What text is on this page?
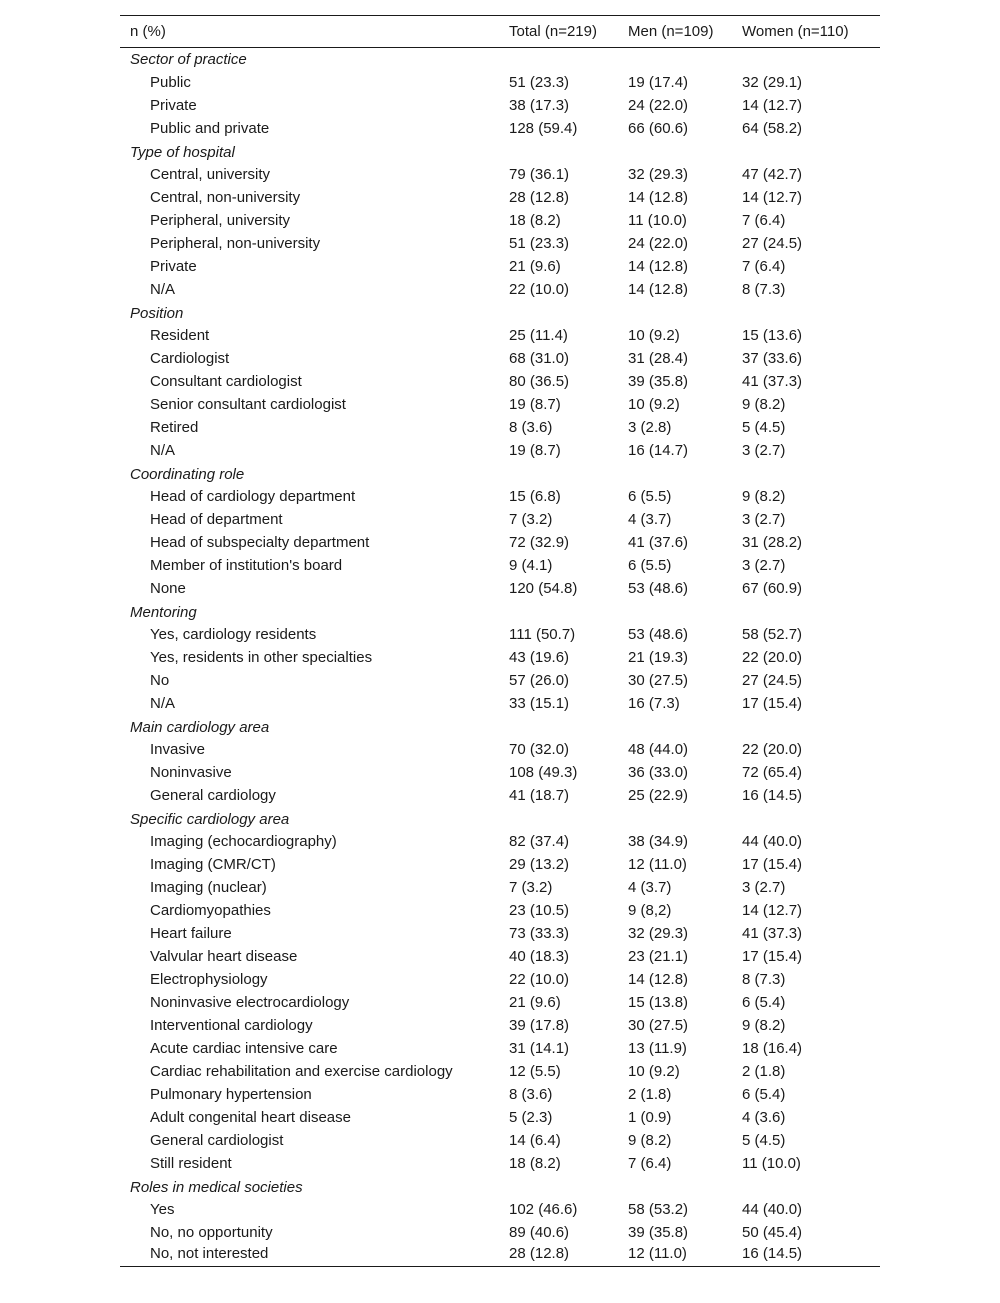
n (%)	Total (n=219)	Men (n=109)	Women (n=110)
Sector of practice			
Public	51 (23.3)	19 (17.4)	32 (29.1)
Private	38 (17.3)	24 (22.0)	14 (12.7)
Public and private	128 (59.4)	66 (60.6)	64 (58.2)
Type of hospital			
Central, university	79 (36.1)	32 (29.3)	47 (42.7)
Central, non-university	28 (12.8)	14 (12.8)	14 (12.7)
Peripheral, university	18 (8.2)	11 (10.0)	7 (6.4)
Peripheral, non-university	51 (23.3)	24 (22.0)	27 (24.5)
Private	21 (9.6)	14 (12.8)	7 (6.4)
N/A	22 (10.0)	14 (12.8)	8 (7.3)
Position			
Resident	25 (11.4)	10 (9.2)	15 (13.6)
Cardiologist	68 (31.0)	31 (28.4)	37 (33.6)
Consultant cardiologist	80 (36.5)	39 (35.8)	41 (37.3)
Senior consultant cardiologist	19 (8.7)	10 (9.2)	9 (8.2)
Retired	8 (3.6)	3 (2.8)	5 (4.5)
N/A	19 (8.7)	16 (14.7)	3 (2.7)
Coordinating role			
Head of cardiology department	15 (6.8)	6 (5.5)	9 (8.2)
Head of department	7 (3.2)	4 (3.7)	3 (2.7)
Head of subspecialty department	72 (32.9)	41 (37.6)	31 (28.2)
Member of institution's board	9 (4.1)	6 (5.5)	3 (2.7)
None	120 (54.8)	53 (48.6)	67 (60.9)
Mentoring			
Yes, cardiology residents	111 (50.7)	53 (48.6)	58 (52.7)
Yes, residents in other specialties	43 (19.6)	21 (19.3)	22 (20.0)
No	57 (26.0)	30 (27.5)	27 (24.5)
N/A	33 (15.1)	16 (7.3)	17 (15.4)
Main cardiology area			
Invasive	70 (32.0)	48 (44.0)	22 (20.0)
Noninvasive	108 (49.3)	36 (33.0)	72 (65.4)
General cardiology	41 (18.7)	25 (22.9)	16 (14.5)
Specific cardiology area			
Imaging (echocardiography)	82 (37.4)	38 (34.9)	44 (40.0)
Imaging (CMR/CT)	29 (13.2)	12 (11.0)	17 (15.4)
Imaging (nuclear)	7 (3.2)	4 (3.7)	3 (2.7)
Cardiomyopathies	23 (10.5)	9 (8,2)	14 (12.7)
Heart failure	73 (33.3)	32 (29.3)	41 (37.3)
Valvular heart disease	40 (18.3)	23 (21.1)	17 (15.4)
Electrophysiology	22 (10.0)	14 (12.8)	8 (7.3)
Noninvasive electrocardiology	21 (9.6)	15 (13.8)	6 (5.4)
Interventional cardiology	39 (17.8)	30 (27.5)	9 (8.2)
Acute cardiac intensive care	31 (14.1)	13 (11.9)	18 (16.4)
Cardiac rehabilitation and exercise cardiology	12 (5.5)	10 (9.2)	2 (1.8)
Pulmonary hypertension	8 (3.6)	2 (1.8)	6 (5.4)
Adult congenital heart disease	5 (2.3)	1 (0.9)	4 (3.6)
General cardiologist	14 (6.4)	9 (8.2)	5 (4.5)
Still resident	18 (8.2)	7 (6.4)	11 (10.0)
Roles in medical societies			
Yes	102 (46.6)	58 (53.2)	44 (40.0)
No, no opportunity	89 (40.6)	39 (35.8)	50 (45.4)
No, not interested	28 (12.8)	12 (11.0)	16 (14.5)
